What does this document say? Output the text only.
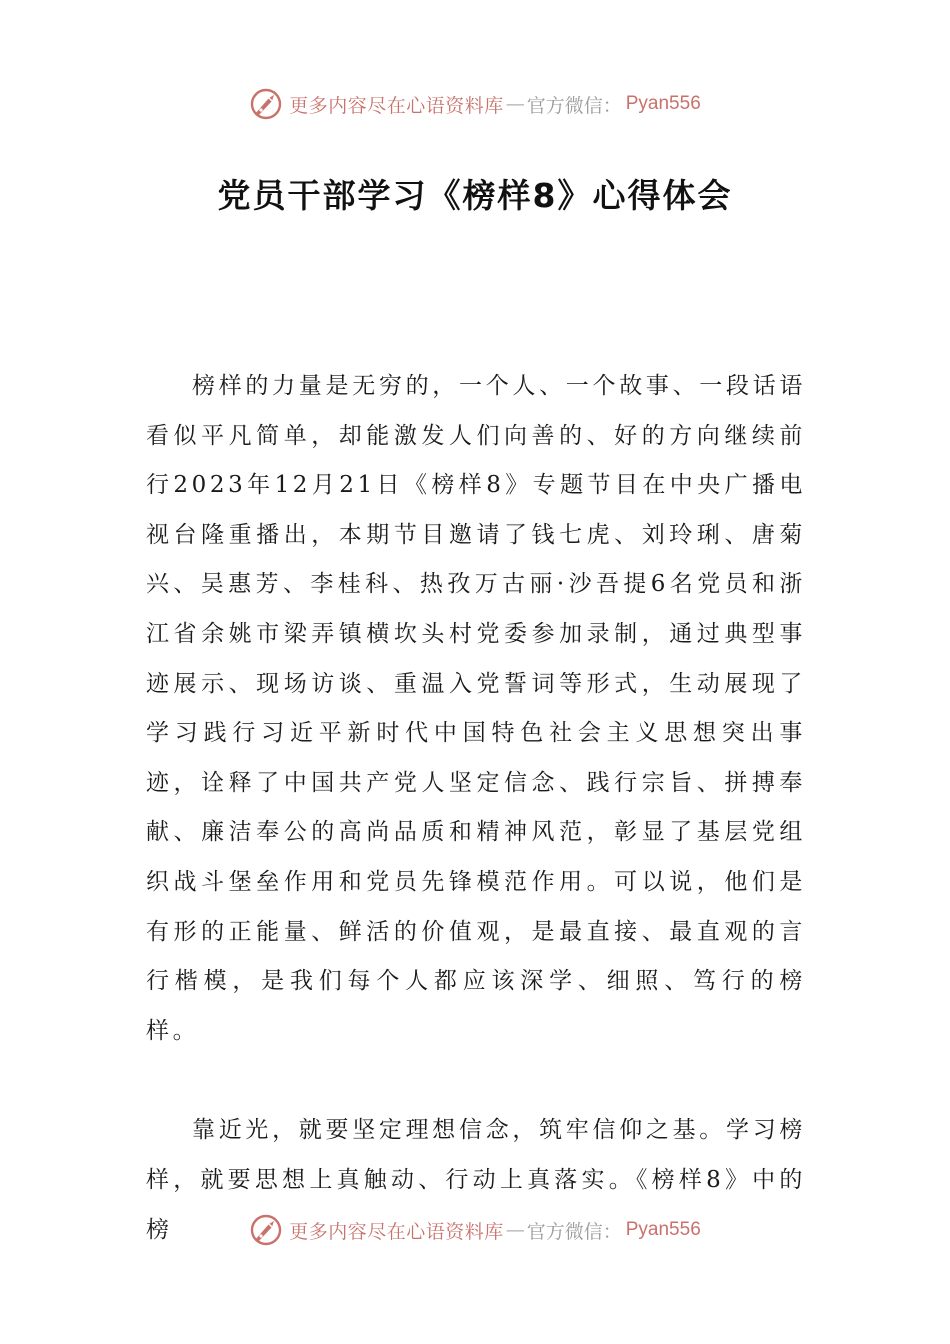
更多内容尽在心语资料库 — 官方微信： Pyan556
党员干部学习《榜样8》心得体会

榜样的力量是无穷的，一个人、一个故事、一段话语看似平凡简单，却能激发人们向善的、好的方向继续前行2023年12月21日《榜样8》专题节目在中央广播电视台隆重播出，本期节目邀请了钱七虎、刘玲琍、唐菊兴、吴惠芳、李桂科、热孜万古丽·沙吾提6名党员和浙江省余姚市梁弄镇横坎头村党委参加录制，通过典型事迹展示、现场访谈、重温入党誓词等形式，生动展现了学习践行习近平新时代中国特色社会主义思想突出事迹，诠释了中国共产党人坚定信念、践行宗旨、拼搏奉献、廉洁奉公的高尚品质和精神风范，彰显了基层党组织战斗堡垒作用和党员先锋模范作用。可以说，他们是有形的正能量、鲜活的价值观，是最直接、最直观的言行楷模，是我们每个人都应该深学、细照、笃行的榜样。

靠近光，就要坚定理想信念，筑牢信仰之基。学习榜样，就要思想上真触动、行动上真落实。《榜样8》中的榜	更多内容尽在心语资料库 — 官方微信： Pyan556
